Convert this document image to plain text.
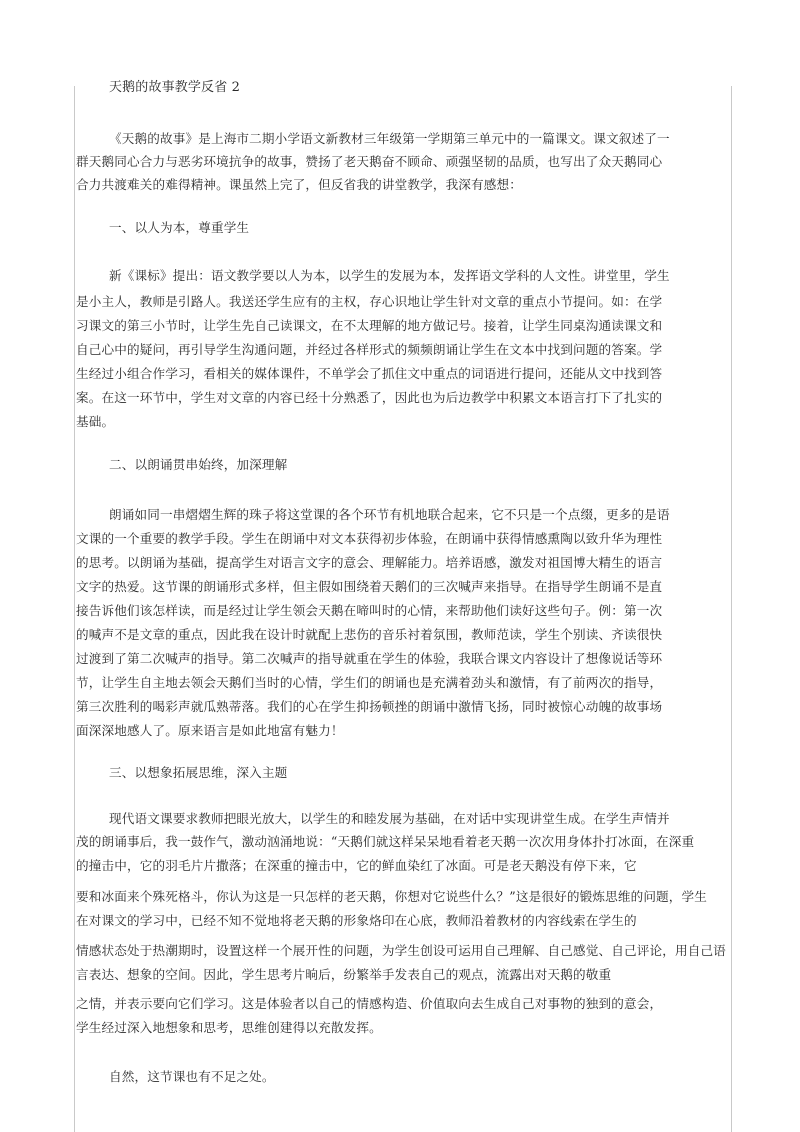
天鹅的故事教学反省 2
《天鹅的故事》是上海市二期小学语文新教材三年级第一学期第三单元中的一篇课文。课文叙述了一
群天鹅同心合力与恶劣环境抗争的故事，赞扬了老天鹅奋不顾命、顽强坚韧的品质，也写出了众天鹅同心
合力共渡难关的难得精神。课虽然上完了，但反省我的讲堂教学，我深有感想：
一、以人为本，尊重学生
新《课标》提出：语文教学要以人为本，以学生的发展为本，发挥语文学科的人文性。讲堂里，学生
是小主人，教师是引路人。我送还学生应有的主权，存心识地让学生针对文章的重点小节提问。如：在学
习课文的第三小节时，让学生先自己读课文，在不太理解的地方做记号。接着，让学生同桌沟通读课文和
自己心中的疑问，再引导学生沟通问题，并经过各样形式的频频朗诵让学生在文本中找到问题的答案。学
生经过小组合作学习，看相关的媒体课件，不单学会了抓住文中重点的词语进行提问，还能从文中找到答
案。在这一环节中，学生对文章的内容已经十分熟悉了，因此也为后边教学中积累文本语言打下了扎实的
基础。
二、以朗诵贯串始终，加深理解
朗诵如同一串熠熠生辉的珠子将这堂课的各个环节有机地联合起来，它不只是一个点缀，更多的是语
文课的一个重要的教学手段。学生在朗诵中对文本获得初步体验，在朗诵中获得情感熏陶以致升华为理性
的思考。以朗诵为基础，提高学生对语言文字的意会、理解能力。培养语感，激发对祖国博大精生的语言
文字的热爱。这节课的朗诵形式多样，但主假如围绕着天鹅们的三次喊声来指导。在指导学生朗诵不是直
接告诉他们该怎样读，而是经过让学生领会天鹅在啼叫时的心情，来帮助他们读好这些句子。例：第一次
的喊声不是文章的重点，因此我在设计时就配上悲伤的音乐衬着氛围，教师范读，学生个别读、齐读很快
过渡到了第二次喊声的指导。第二次喊声的指导就重在学生的体验，我联合课文内容设计了想像说话等环
节，让学生自主地去领会天鹅们当时的心情，学生们的朗诵也是充满着劲头和激情，有了前两次的指导，
第三次胜利的喝彩声就瓜熟蒂落。我们的心在学生抑扬顿挫的朗诵中激情飞扬，同时被惊心动魄的故事场
面深深地感人了。原来语言是如此地富有魅力！
三、以想象拓展思维，深入主题
现代语文课要求教师把眼光放大，以学生的和睦发展为基础，在对话中实现讲堂生成。在学生声情并
茂的朗诵事后，我一鼓作气，激动汹涌地说：“天鹅们就这样呆呆地看着老天鹅一次次用身体扑打冰面，在深重
的撞击中，它的羽毛片片撒落；在深重的撞击中，它的鲜血染红了冰面。可是老天鹅没有停下来，它
要和冰面来个殊死格斗，你认为这是一只怎样的老天鹅，你想对它说些什么？”这是很好的锻炼思维的问题，学生
在对课文的学习中，已经不知不觉地将老天鹅的形象烙印在心底，教师沿着教材的内容线索在学生的
情感状态处于热潮期时，设置这样一个展开性的问题，为学生创设可运用自己理解、自己感觉、自己评论，用自己语
言表达、想象的空间。因此，学生思考片晌后，纷繁举手发表自己的观点，流露出对天鹅的敬重
之情，并表示要向它们学习。这是体验者以自己的情感构造、价值取向去生成自己对事物的独到的意会，
学生经过深入地想象和思考，思维创建得以充散发挥。
自然，这节课也有不足之处。
